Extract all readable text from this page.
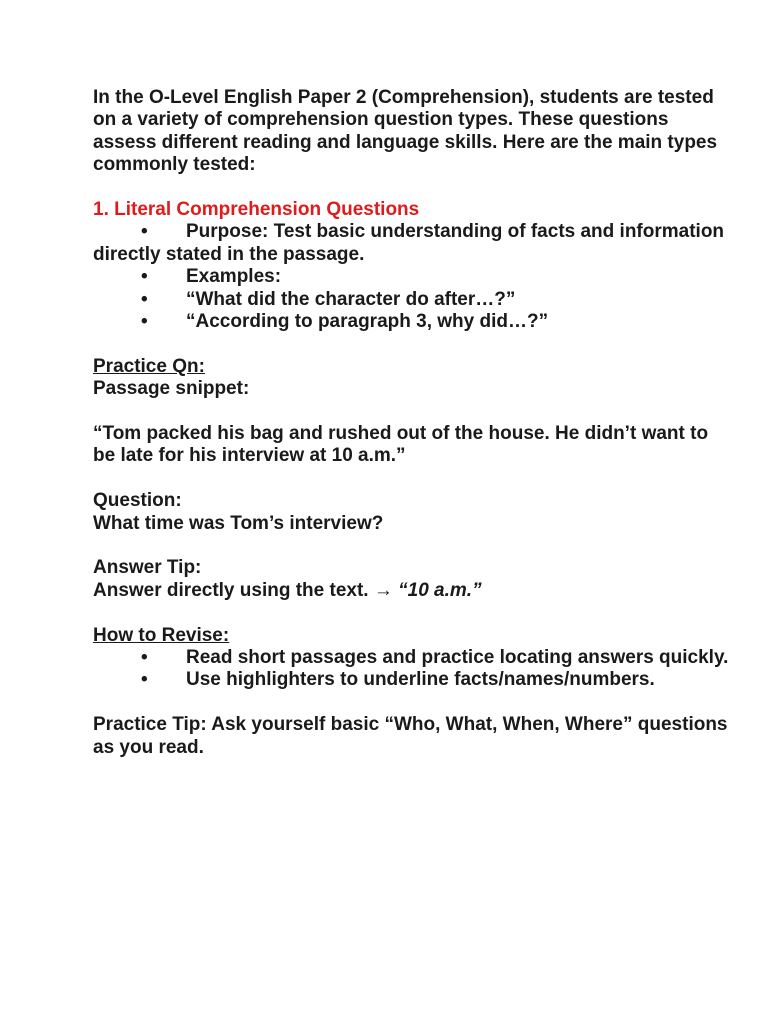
In the O-Level English Paper 2 (Comprehension), students are tested on a variety of comprehension question types. These questions assess different reading and language skills. Here are the main types commonly tested:

1. Literal Comprehension Questions

• Purpose: Test basic understanding of facts and information directly stated in the passage.

• Examples:

• “What did the character do after…?”

• “According to paragraph 3, why did…?”

Practice Qn:

Passage snippet:

“Tom packed his bag and rushed out of the house. He didn’t want to be late for his interview at 10 a.m.”

Question:

What time was Tom’s interview?

Answer Tip:

Answer directly using the text. → “10 a.m.”

How to Revise:

• Read short passages and practice locating answers quickly.

• Use highlighters to underline facts/names/numbers.

Practice Tip: Ask yourself basic “Who, What, When, Where” questions as you read.
